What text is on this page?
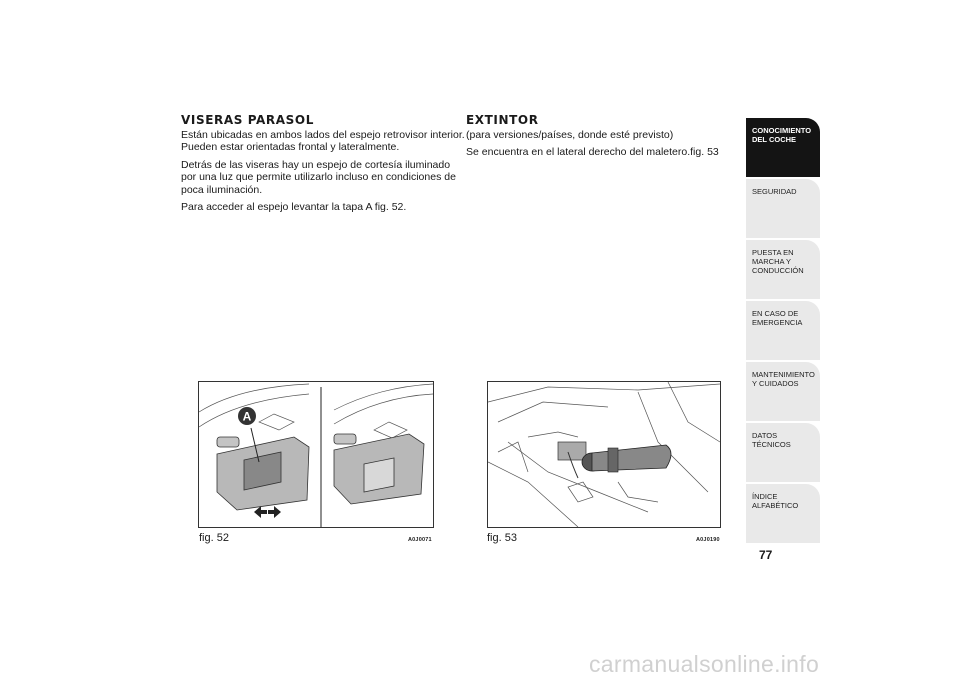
VISERAS PARASOL

Están ubicadas en ambos lados del espejo retrovisor interior. Pueden estar orientadas frontal y lateralmente.

Detrás de las viseras hay un espejo de cortesía iluminado por una luz que permite utilizarlo incluso en condiciones de poca iluminación.

Para acceder al espejo levantar la tapa A fig. 52.

EXTINTOR

(para versiones/países, donde esté previsto)

Se encuentra en el lateral derecho del maletero.fig. 53

A
fig. 52	A0J0071	fig. 53	A0J0190
CONOCIMIENTO DEL COCHE
SEGURIDAD
PUESTA EN MARCHA Y CONDUCCIÓN
EN CASO DE EMERGENCIA
MANTENIMIENTO Y CUIDADOS
DATOS TÉCNICOS
ÍNDICE ALFABÉTICO
77
carmanualsonline.info
